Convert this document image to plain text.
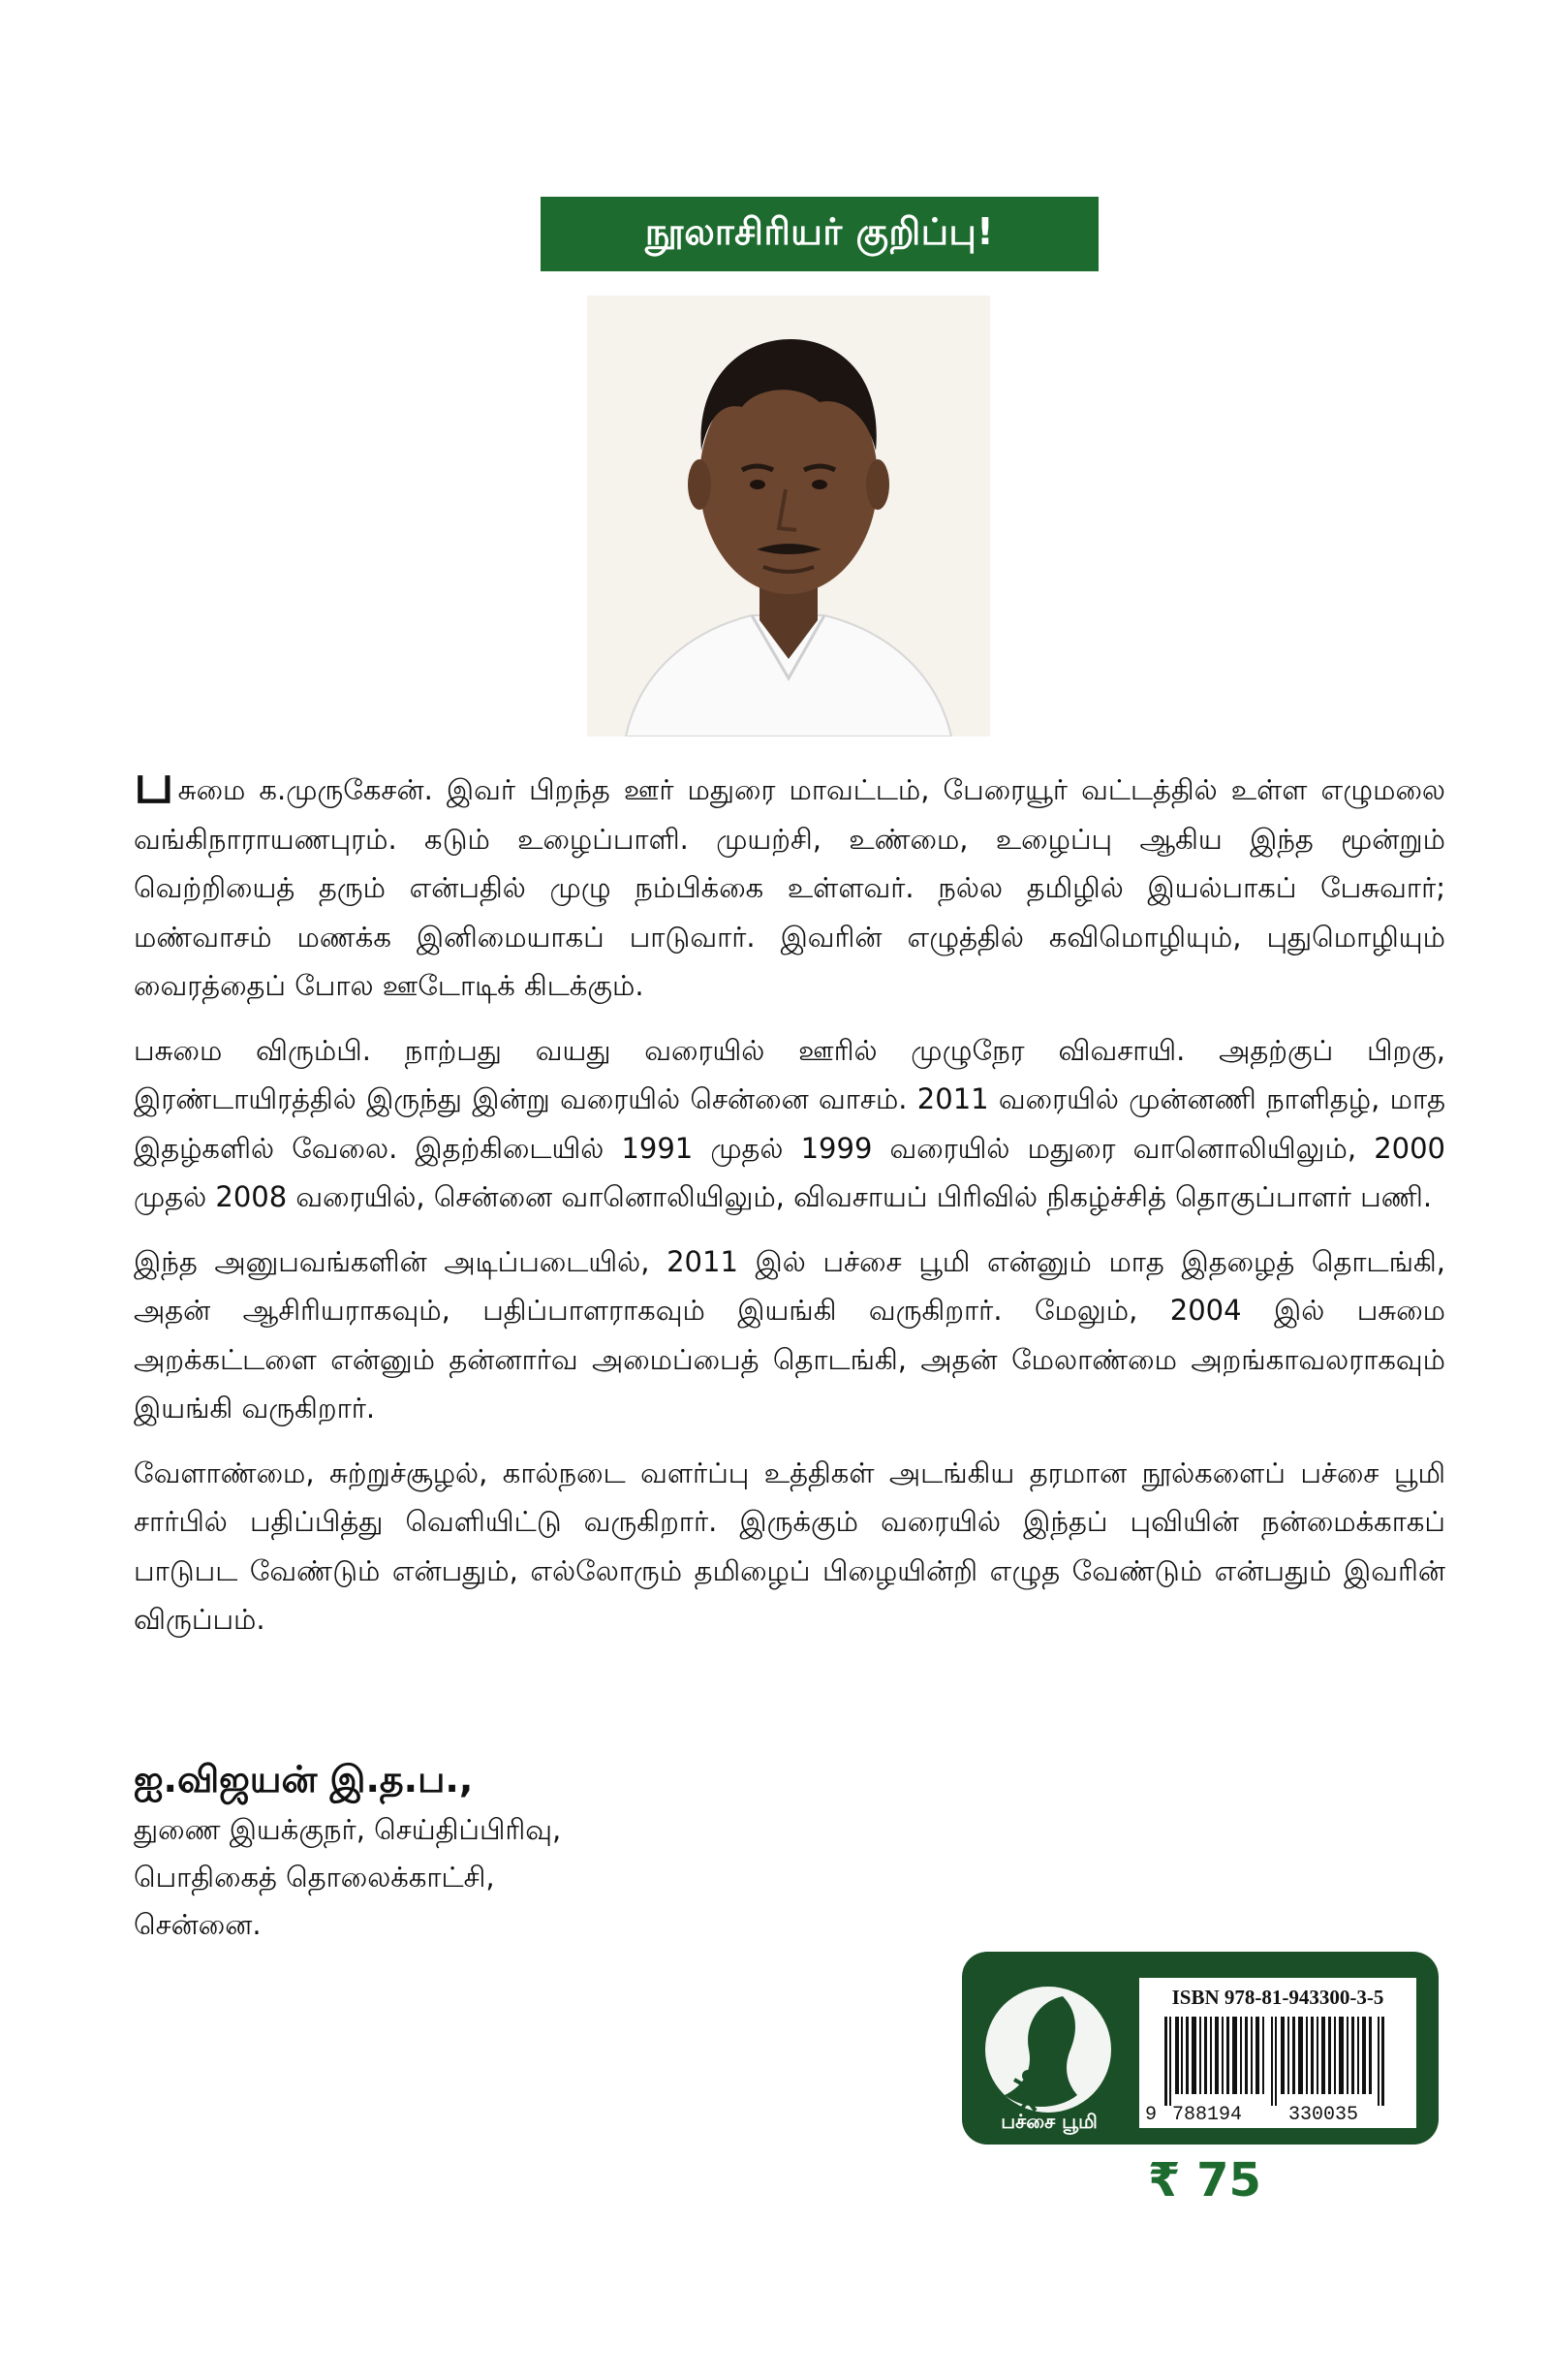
நூலாசிரியர் குறிப்பு!

பசுமை க.முருகேசன். இவர் பிறந்த ஊர் மதுரை மாவட்டம், பேரையூர் வட்டத்தில் உள்ள எழுமலை வங்கிநாராயணபுரம். கடும் உழைப்பாளி. முயற்சி, உண்மை, உழைப்பு ஆகிய இந்த மூன்றும் வெற்றியைத் தரும் என்பதில் முழு நம்பிக்கை உள்ளவர். நல்ல தமிழில் இயல்பாகப் பேசுவார்; மண்வாசம் மணக்க இனிமையாகப் பாடுவார். இவரின் எழுத்தில் கவிமொழியும், புதுமொழியும் வைரத்தைப் போல ஊடோடிக் கிடக்கும்.

பசுமை விரும்பி. நாற்பது வயது வரையில் ஊரில் முழுநேர விவசாயி. அதற்குப் பிறகு, இரண்டாயிரத்தில் இருந்து இன்று வரையில் சென்னை வாசம். 2011 வரையில் முன்னணி நாளிதழ், மாத இதழ்களில் வேலை. இதற்கிடையில் 1991 முதல் 1999 வரையில் மதுரை வானொலியிலும், 2000 முதல் 2008 வரையில், சென்னை வானொலியிலும், விவசாயப் பிரிவில் நிகழ்ச்சித் தொகுப்பாளர் பணி.

இந்த அனுபவங்களின் அடிப்படையில், 2011 இல் பச்சை பூமி என்னும் மாத இதழைத் தொடங்கி, அதன் ஆசிரியராகவும், பதிப்பாளராகவும் இயங்கி வருகிறார். மேலும், 2004 இல் பசுமை அறக்கட்டளை என்னும் தன்னார்வ அமைப்பைத் தொடங்கி, அதன் மேலாண்மை அறங்காவலராகவும் இயங்கி வருகிறார்.

வேளாண்மை, சுற்றுச்சூழல், கால்நடை வளர்ப்பு உத்திகள் அடங்கிய தரமான நூல்களைப் பச்சை பூமி சார்பில் பதிப்பித்து வெளியிட்டு வருகிறார். இருக்கும் வரையில் இந்தப் புவியின் நன்மைக்காகப் பாடுபட வேண்டும் என்பதும், எல்லோரும் தமிழைப் பிழையின்றி எழுத வேண்டும் என்பதும் இவரின் விருப்பம்.

ஐ.விஜயன் இ.த.ப.,
துணை இயக்குநர், செய்திப்பிரிவு,
பொதிகைத் தொலைக்காட்சி,
சென்னை.
பச்சை பூமி
ISBN 978-81-943300-3-5
9 788194 330035
₹ 75
